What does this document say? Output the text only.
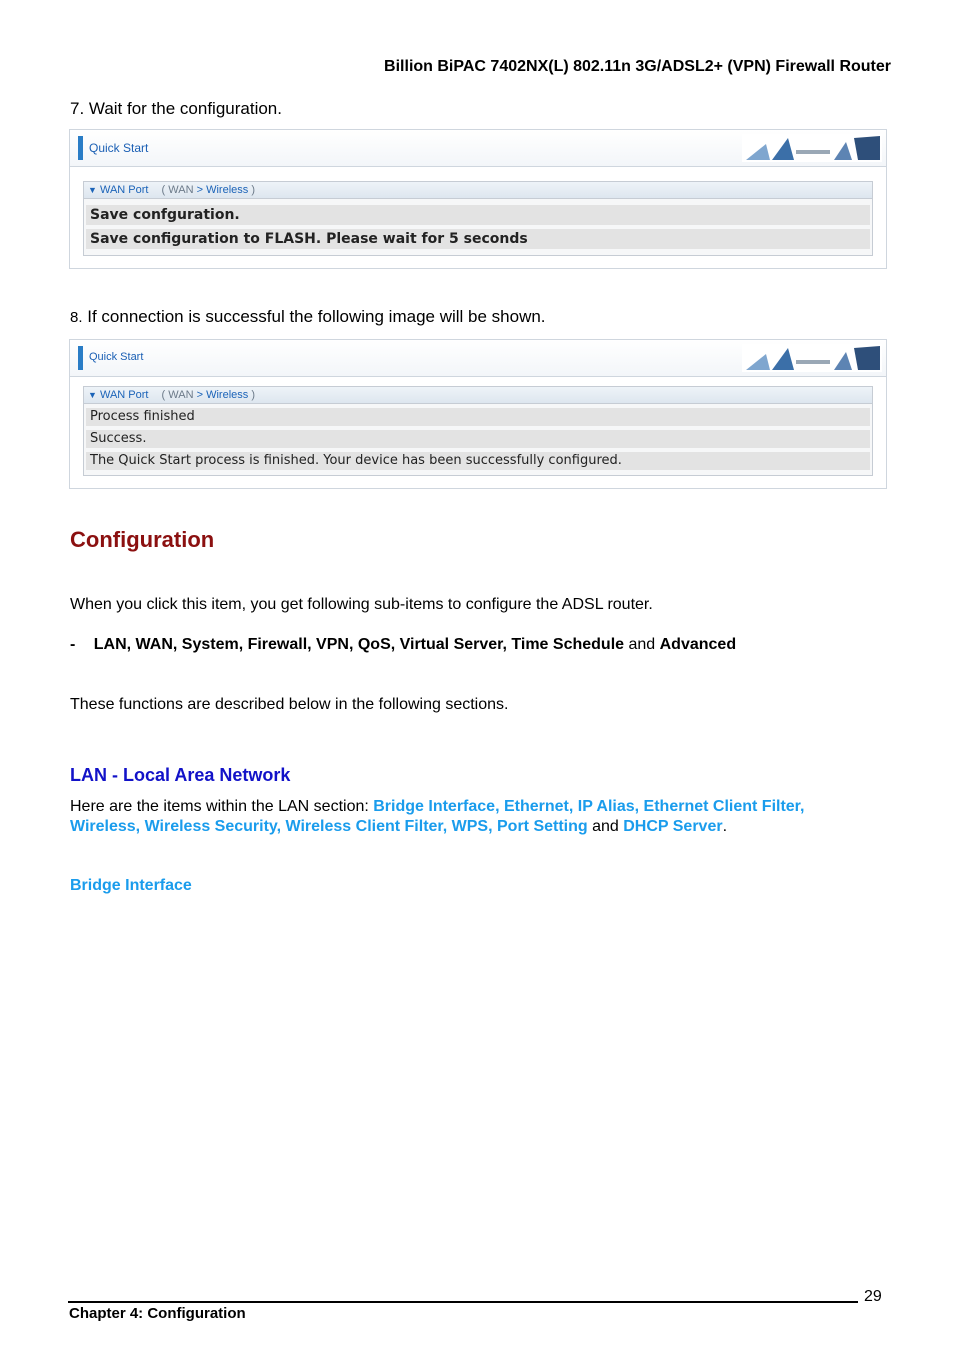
Billion BiPAC 7402NX(L) 802.11n 3G/ADSL2+ (VPN) Firewall Router
7. Wait for the configuration.
Quick Start
▼ WAN Port ( WAN > Wireless )
Save confguration.
Save configuration to FLASH. Please wait for 5 seconds
8. If connection is successful the following image will be shown.
Quick Start
▼ WAN Port ( WAN > Wireless )
Process finished
Success.
The Quick Start process is finished. Your device has been successfully configured.
Configuration
When you click this item, you get following sub-items to configure the ADSL router.
- LAN, WAN, System, Firewall, VPN, QoS, Virtual Server, Time Schedule and Advanced
These functions are described below in the following sections.
LAN - Local Area Network
Here are the items within the LAN section: Bridge Interface, Ethernet, IP Alias, Ethernet Client Filter,
Wireless, Wireless Security, Wireless Client Filter, WPS, Port Setting and DHCP Server.
Bridge Interface
29
Chapter 4: Configuration
